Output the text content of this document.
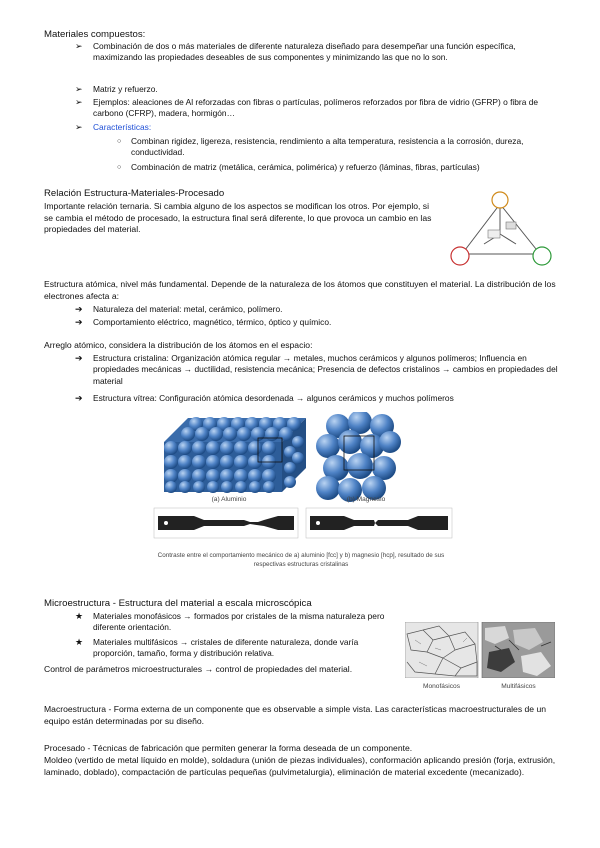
Materiales compuestos:
➢ Combinación de dos o más materiales de diferente naturaleza diseñado para desempeñar una función específica, maximizando las propiedades deseables de sus componentes y minimizando las que no lo son.
➢ Matriz y refuerzo.
➢ Ejemplos: aleaciones de Al reforzadas con fibras o partículas, polímeros reforzados por fibra de vidrio (GFRP) o fibra de carbono (CFRP), madera, hormigón…
➢ Características:
○ Combinan rigidez, ligereza, resistencia, rendimiento a alta temperatura, resistencia a la corrosión, dureza, conductividad.
○ Combinación de matriz (metálica, cerámica, polimérica) y refuerzo (láminas, fibras, partículas)
Relación Estructura-Materiales-Procesado
Importante relación ternaria. Si cambia alguno de los aspectos se modifican los otros. Por ejemplo, si se cambia el método de procesado, la estructura final será diferente, lo que provoca un cambio en las propiedades del material.
Estructura atómica, nivel más fundamental. Depende de la naturaleza de los átomos que constituyen el material. La distribución de los electrones afecta a:
➔ Naturaleza del material: metal, cerámico, polímero.
➔ Comportamiento eléctrico, magnético, térmico, óptico y químico.
Arreglo atómico, considera la distribución de los átomos en el espacio:
➔ Estructura cristalina: Organización atómica regular → metales, muchos cerámicos y algunos polímeros; Influencia en propiedades mecánicas → ductilidad, resistencia mecánica; Presencia de defectos cristalinos → cambios en propiedades del material
➔ Estructura vítrea: Configuración atómica desordenada → algunos cerámicos y muchos polímeros
(a) Aluminio	(b) Magnesio
Contraste entre el comportamiento mecánico de a) aluminio [fcc] y b) magnesio [hcp], resultado de sus respectivas estructuras cristalinas
Microestructura - Estructura del material a escala microscópica
★ Materiales monofásicos → formados por cristales de la misma naturaleza pero diferente orientación.
★ Materiales multifásicos → cristales de diferente naturaleza, donde varía proporción, tamaño, forma y distribución relativa.
Control de parámetros microestructurales → control de propiedades del material.
Monofásicos	Multifásicos
Macroestructura - Forma externa de un componente que es observable a simple vista. Las características macroestructurales de un equipo están determinadas por su diseño.
Procesado - Técnicas de fabricación que permiten generar la forma deseada de un componente.
Moldeo (vertido de metal líquido en molde), soldadura (unión de piezas individuales), conformación aplicando presión (forja, extrusión, laminado, doblado), compactación de partículas pequeñas (pulvimetalurgia), eliminación de material excedente (mecanizado).
